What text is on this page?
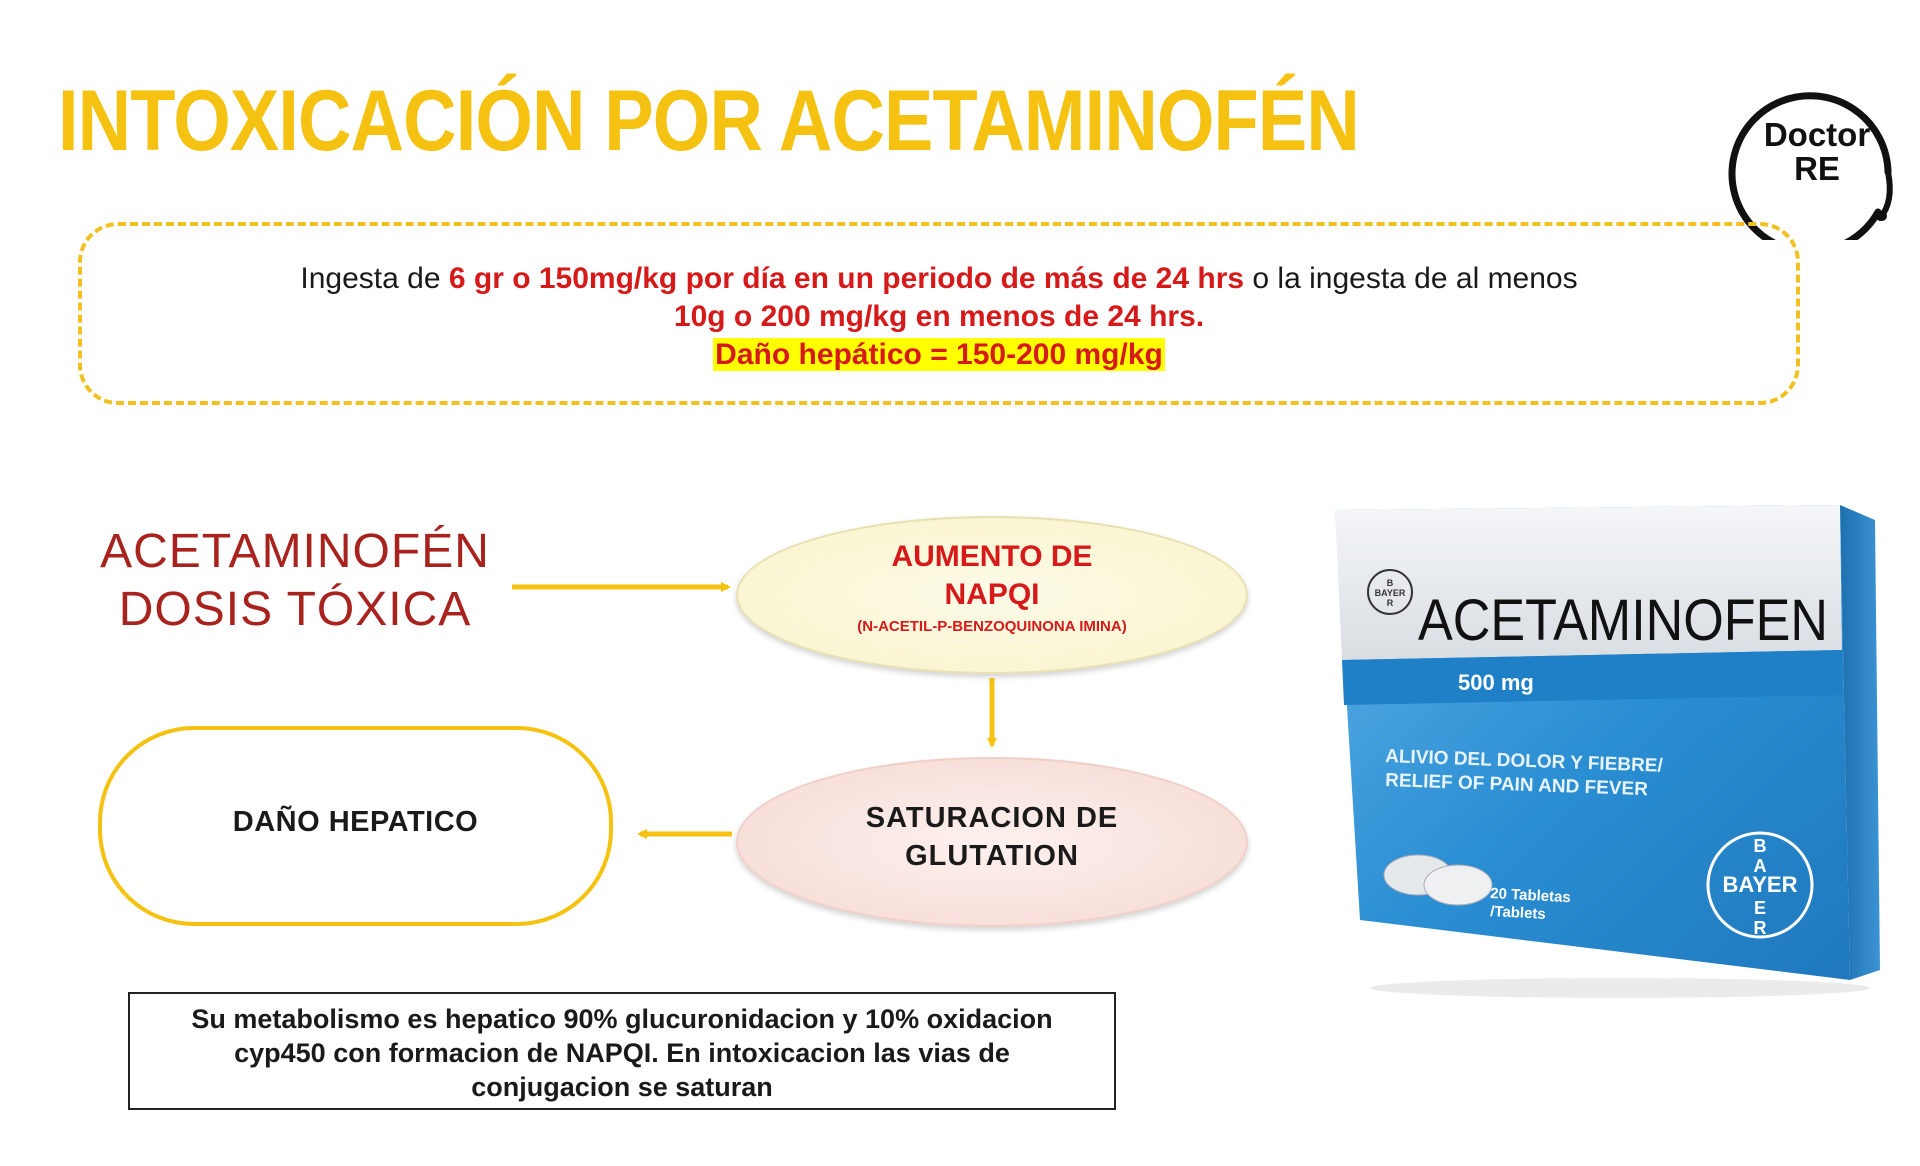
INTOXICACIÓN POR ACETAMINOFÉN	Doctor
RE
Ingesta de 6 gr o 150mg/kg por día en un periodo de más de 24 hrs o la ingesta de al menos
10g o 200 mg/kg en menos de 24 hrs.
Daño hepático = 150-200 mg/kg
ACETAMINOFÉN
DOSIS TÓXICA
AUMENTO DE
NAPQI
(N-ACETIL-P-BENZOQUINONA IMINA)
SATURACION DE
GLUTATION
DAÑO HEPATICO
Su metabolismo es hepatico 90% glucuronidacion y 10% oxidacion cyp450 con formacion de NAPQI. En intoxicacion las vias de conjugacion se saturan
B
BAYER
R ACETAMINOFEN
500 mg
ALIVIO DEL DOLOR Y FIEBRE/
RELIEF OF PAIN AND FEVER
20 Tabletas
/Tablets
BAYER
B
A
E
R
